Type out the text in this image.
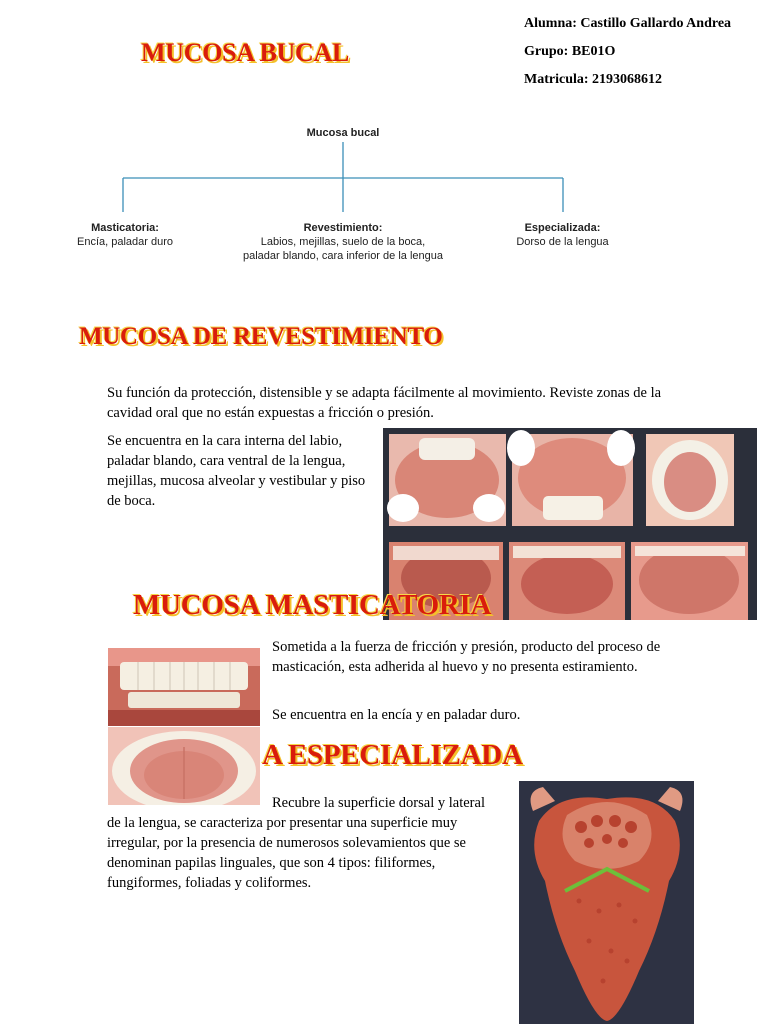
Alumna: Castillo Gallardo Andrea
Grupo: BE01O
Matricula: 2193068612
MUCOSA BUCAL
Mucosa bucal
Masticatoria:
Encía, paladar duro
Revestimiento:
Labios, mejillas, suelo de la boca,
paladar blando, cara inferior de la lengua
Especializada:
Dorso de la lengua
MUCOSA DE REVESTIMIENTO
Su función da protección, distensible y se adapta fácilmente al movimiento. Reviste zonas de la cavidad oral que no están expuestas a fricción o presión.
Se encuentra en la cara interna del labio, paladar blando, cara ventral de la lengua, mejillas, mucosa alveolar y vestibular y piso de boca.
MUCOSA MASTICATORIA
Sometida a la fuerza de fricción y presión, producto del proceso de masticación, esta adherida al huevo y no presenta estiramiento.
Se encuentra en la encía y en paladar duro.
A ESPECIALIZADA
Recubre la superficie dorsal y lateral
de la lengua, se caracteriza por presentar una superficie muy irregular, por la presencia de numerosos solevamientos que se denominan papilas linguales, que son 4 tipos: filiformes, fungiformes, foliadas y coliformes.
